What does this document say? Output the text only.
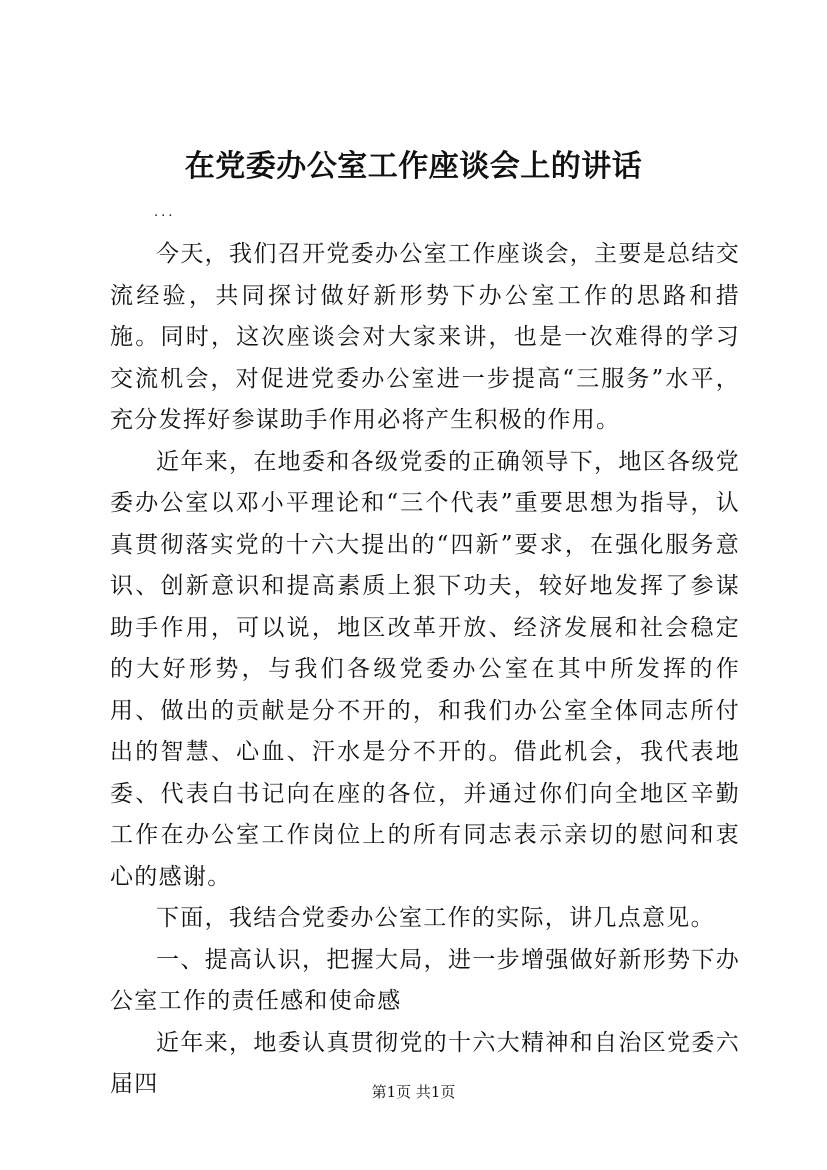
在党委办公室工作座谈会上的讲话
...

今天，我们召开党委办公室工作座谈会，主要是总结交流经验，共同探讨做好新形势下办公室工作的思路和措施。同时，这次座谈会对大家来讲，也是一次难得的学习交流机会，对促进党委办公室进一步提高“三服务”水平，充分发挥好参谋助手作用必将产生积极的作用。

近年来，在地委和各级党委的正确领导下，地区各级党委办公室以邓小平理论和“三个代表”重要思想为指导，认真贯彻落实党的十六大提出的“四新”要求，在强化服务意识、创新意识和提高素质上狠下功夫，较好地发挥了参谋助手作用，可以说，地区改革开放、经济发展和社会稳定的大好形势，与我们各级党委办公室在其中所发挥的作用、做出的贡献是分不开的，和我们办公室全体同志所付出的智慧、心血、汗水是分不开的。借此机会，我代表地委、代表白书记向在座的各位，并通过你们向全地区辛勤工作在办公室工作岗位上的所有同志表示亲切的慰问和衷心的感谢。

下面，我结合党委办公室工作的实际，讲几点意见。

一、提高认识，把握大局，进一步增强做好新形势下办公室工作的责任感和使命感

近年来，地委认真贯彻党的十六大精神和自治区党委六届四	第1页 共1页
